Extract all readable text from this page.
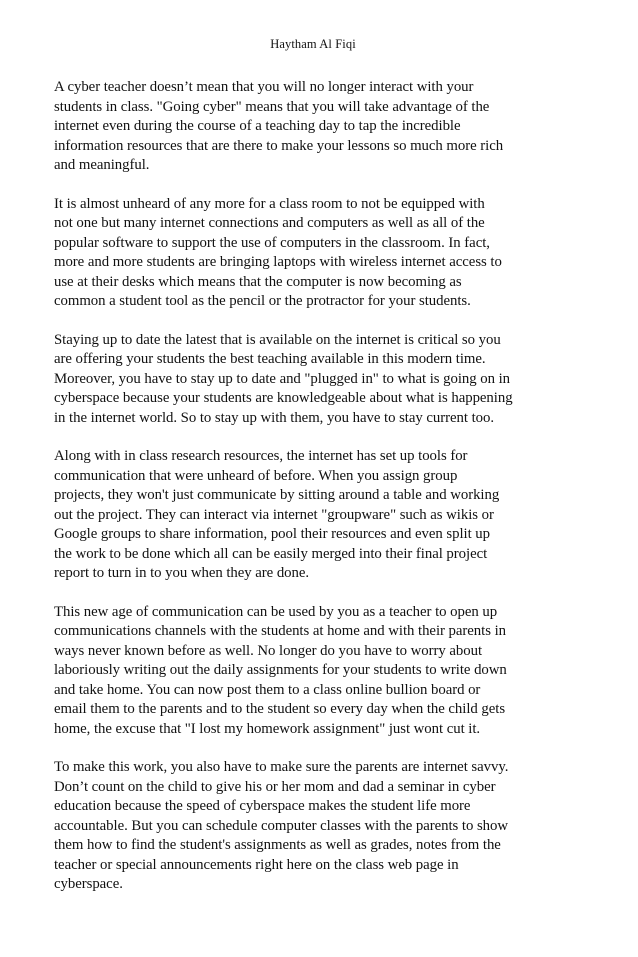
Haytham Al Fiqi

A cyber teacher doesn’t mean that you will no longer interact with your
students in class. "Going cyber" means that you will take advantage of the
internet even during the course of a teaching day to tap the incredible
information resources that are there to make your lessons so much more rich
and meaningful.

It is almost unheard of any more for a class room to not be equipped with
not one but many internet connections and computers as well as all of the
popular software to support the use of computers in the classroom. In fact,
more and more students are bringing laptops with wireless internet access to
use at their desks which means that the computer is now becoming as
common a student tool as the pencil or the protractor for your students.

Staying up to date the latest that is available on the internet is critical so you
are offering your students the best teaching available in this modern time.
Moreover, you have to stay up to date and "plugged in" to what is going on in
cyberspace because your students are knowledgeable about what is happening
in the internet world. So to stay up with them, you have to stay current too.

Along with in class research resources, the internet has set up tools for
communication that were unheard of before. When you assign group
projects, they won't just communicate by sitting around a table and working
out the project. They can interact via internet "groupware" such as wikis or
Google groups to share information, pool their resources and even split up
the work to be done which all can be easily merged into their final project
report to turn in to you when they are done.

This new age of communication can be used by you as a teacher to open up
communications channels with the students at home and with their parents in
ways never known before as well. No longer do you have to worry about
laboriously writing out the daily assignments for your students to write down
and take home. You can now post them to a class online bullion board or
email them to the parents and to the student so every day when the child gets
home, the excuse that "I lost my homework assignment" just wont cut it.

To make this work, you also have to make sure the parents are internet savvy.
Don’t count on the child to give his or her mom and dad a seminar in cyber
education because the speed of cyberspace makes the student life more
accountable. But you can schedule computer classes with the parents to show
them how to find the student's assignments as well as grades, notes from the
teacher or special announcements right here on the class web page in
cyberspace.
